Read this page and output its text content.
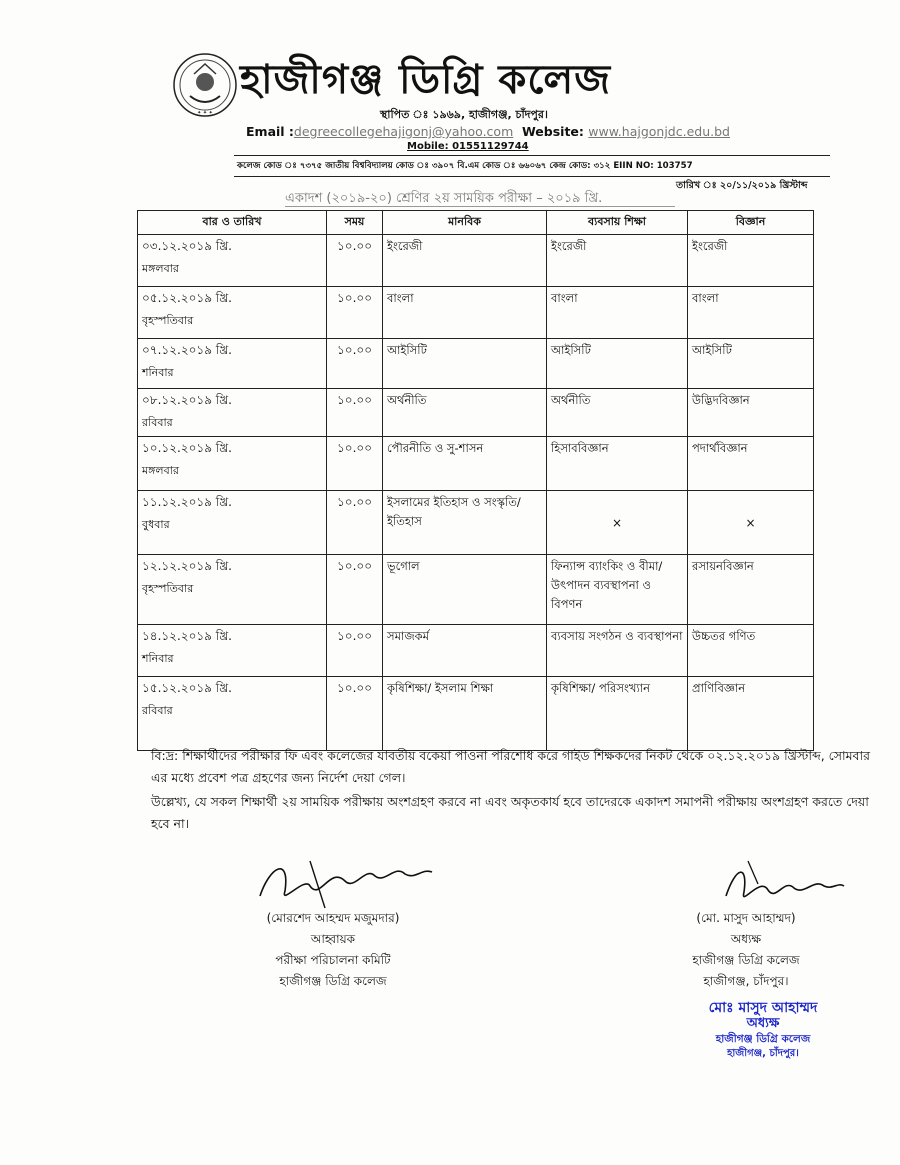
✦ ✦ ✦
হাজীগঞ্জ ডিগ্রি কলেজ
স্থাপিত ঃ ১৯৬৯, হাজীগঞ্জ, চাঁদপুর।
Email :degreecollegehajigonj@yahoo.com Website: www.hajgonjdc.edu.bd
Mobile: 01551129744
কলেজ কোড ঃ ৭৩৭৫ জাতীয় বিশ্ববিদ্যালয় কোড ঃ ৩৯০৭ বি.এম কোড ঃ ৬৬০৬৭ কেন্দ্র কোড: ৩১২ EIIN NO: 103757
তারিখ ঃ ২০/১১/২০১৯ খ্রিস্টাব্দ
একাদশ (২০১৯-২০) শ্রেণির ২য় সাময়িক পরীক্ষা – ২০১৯ খ্রি.
বার ও তারিখ	সময়	মানবিক	ব্যবসায় শিক্ষা	বিজ্ঞান

০৩.১২.২০১৯ খ্রি.
মঙ্গলবার	১০.০০	ইংরেজী	ইংরেজী	ইংরেজী

০৫.১২.২০১৯ খ্রি.
বৃহস্পতিবার	১০.০০	বাংলা	বাংলা	বাংলা

০৭.১২.২০১৯ খ্রি.
শনিবার	১০.০০	আইসিটি	আইসিটি	আইসিটি

০৮.১২.২০১৯ খ্রি.
রবিবার	১০.০০	অর্থনীতি	অর্থনীতি	উদ্ভিদবিজ্ঞান

১০.১২.২০১৯ খ্রি.
মঙ্গলবার	১০.০০	পৌরনীতি ও সু-শাসন	হিসাববিজ্ঞান	পদার্থবিজ্ঞান

১১.১২.২০১৯ খ্রি.
বুধবার	১০.০০	ইসলামের ইতিহাস ও সংস্কৃতি/ইতিহাস	×	×

১২.১২.২০১৯ খ্রি.
বৃহস্পতিবার	১০.০০	ভূগোল	ফিন্যান্স ব্যাংকিং ও বীমা/উৎপাদন ব্যবস্থাপনা ও বিপণন	রসায়নবিজ্ঞান

১৪.১২.২০১৯ খ্রি.
শনিবার	১০.০০	সমাজকর্ম	ব্যবসায় সংগঠন ও ব্যবস্থাপনা	উচ্চতর গণিত

১৫.১২.২০১৯ খ্রি.
রবিবার	১০.০০	কৃষিশিক্ষা/ ইসলাম শিক্ষা	কৃষিশিক্ষা/ পরিসংখ্যান	প্রাণিবিজ্ঞান

বি:দ্র: শিক্ষার্থীদের পরীক্ষার ফি এবং কলেজের যাবতীয় বকেয়া পাওনা পরিশোধ করে গাইড শিক্ষকদের নিকট থেকে ০২.১২.২০১৯ খ্রিস্টাব্দ, সোমবার এর মধ্যে প্রবেশ পত্র গ্রহণের জন্য নির্দেশ দেয়া গেল।

উল্লেখ্য, যে সকল শিক্ষার্থী ২য় সাময়িক পরীক্ষায় অংশগ্রহণ করবে না এবং অকৃতকার্য হবে তাদেরকে একাদশ সমাপনী পরীক্ষায় অংশগ্রহণ করতে দেয়া হবে না।

(মোরশেদ আহম্মদ মজুমদার)
আহ্বায়ক
পরীক্ষা পরিচালনা কমিটি
হাজীগঞ্জ ডিগ্রি কলেজ
(মো. মাসুদ আহাম্মদ)
অধ্যক্ষ
হাজীগঞ্জ ডিগ্রি কলেজ
হাজীগঞ্জ, চাঁদপুর।
মোঃ মাসুদ আহাম্মদ
অধ্যক্ষ
হাজীগঞ্জ ডিগ্রি কলেজ
হাজীগঞ্জ, চাঁদপুর।
